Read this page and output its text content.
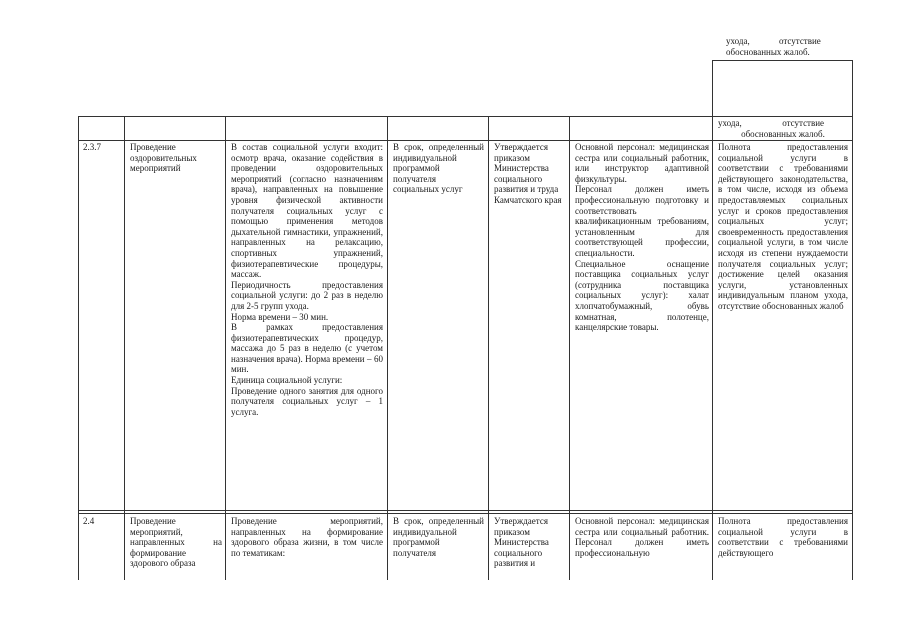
ухода,             отсутствие
обоснованных жалоб.
ухода,                  отсутствие
обоснованных жалоб.
2.3.7	Проведение оздоровительных мероприятий

В состав социальной услуги входит: осмотр врача, оказание содействия в проведении оздоровительных мероприятий (согласно назначениям врача), направленных на повышение уровня физической активности получателя социальных услуг с помощью применения методов дыхательной гимнастики, упражнений, направленных на релаксацию, спортивных упражнений, физиотерапевтические процедуры, массаж.

Периодичность предоставления социальной услуги: до 2 раз в неделю для 2-5 групп ухода.

Норма времени – 30 мин.

В рамках предоставления физиотерапевтических процедур, массажа до 5 раз в неделю (с учетом назначения врача). Норма времени – 60 мин.

Единица социальной услуги:

Проведение одного занятия для одного получателя социальных услуг – 1 услуга.

В срок, определенный индивидуальной программой получателя социальных услуг
Утверждается приказом Министерства социального развития и труда Камчатского края

Основной персонал: медицинская сестра или социальный работник, или инструктор адаптивной физкультуры.

Персонал должен иметь профессиональную подготовку и соответствовать квалификационным требованиям, установленным для соответствующей профессии, специальности.

Специальное оснащение поставщика социальных услуг (сотрудника поставщика социальных услуг): халат хлопчатобумажный, обувь комнатная, полотенце, канцелярские товары.

Полнота предоставления социальной услуги в соответствии с требованиями действующего законодательства, в том числе, исходя из объема предоставляемых социальных услуг и сроков предоставления социальных услуг; своевременность предоставления социальной услуги, в том числе исходя из степени нуждаемости получателя социальных услуг; достижение целей оказания услуги, установленных индивидуальным планом ухода, отсутствие обоснованных жалоб
2.4	Проведение мероприятий, направленных на формирование здорового образа
Проведение мероприятий, направленных на формирование здорового образа жизни, в том числе по тематикам:
В срок, определенный индивидуальной программой получателя
Утверждается приказом Министерства социального развития и
Основной персонал: медицинская сестра или социальный работник. Персонал должен иметь профессиональную
Полнота предоставления социальной услуги в соответствии с требованиями действующего
